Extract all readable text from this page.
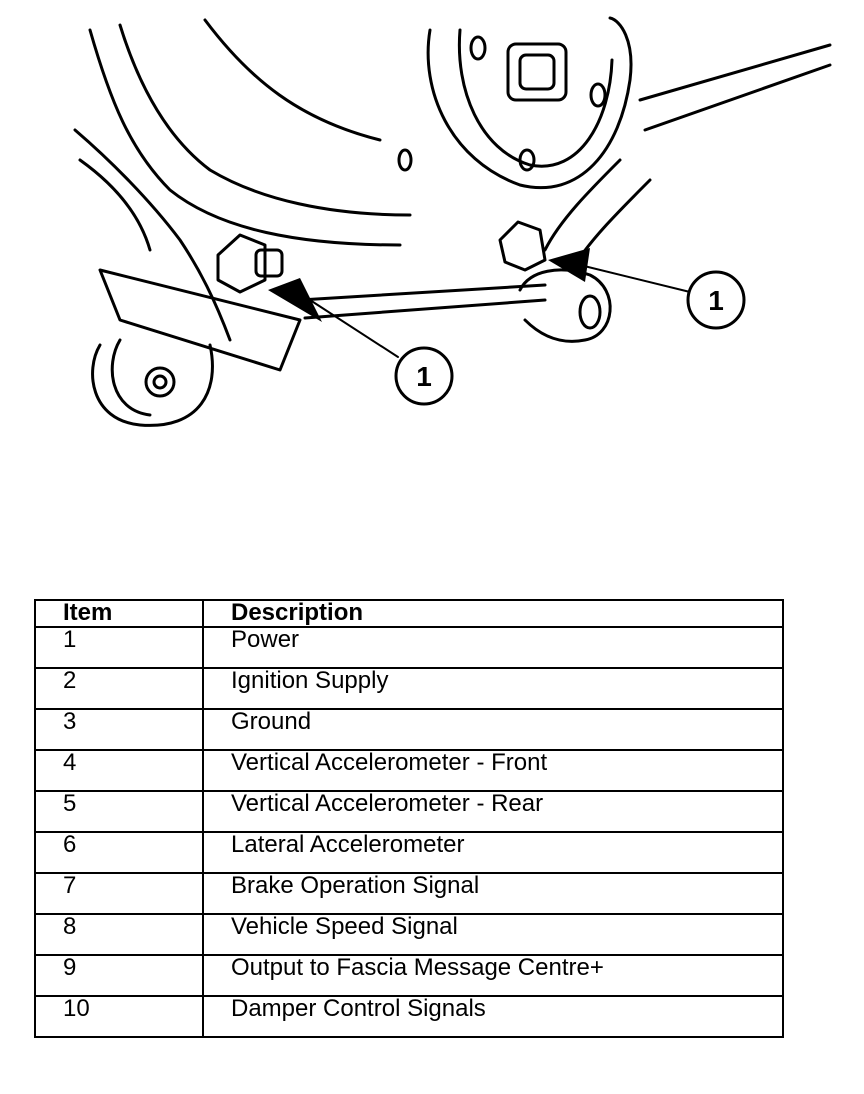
1
1
Item	Description
1	Power
2	Ignition Supply
3	Ground
4	Vertical Accelerometer - Front
5	Vertical Accelerometer - Rear
6	Lateral Accelerometer
7	Brake Operation Signal
8	Vehicle Speed Signal
9	Output to Fascia Message Centre+
10	Damper Control Signals
